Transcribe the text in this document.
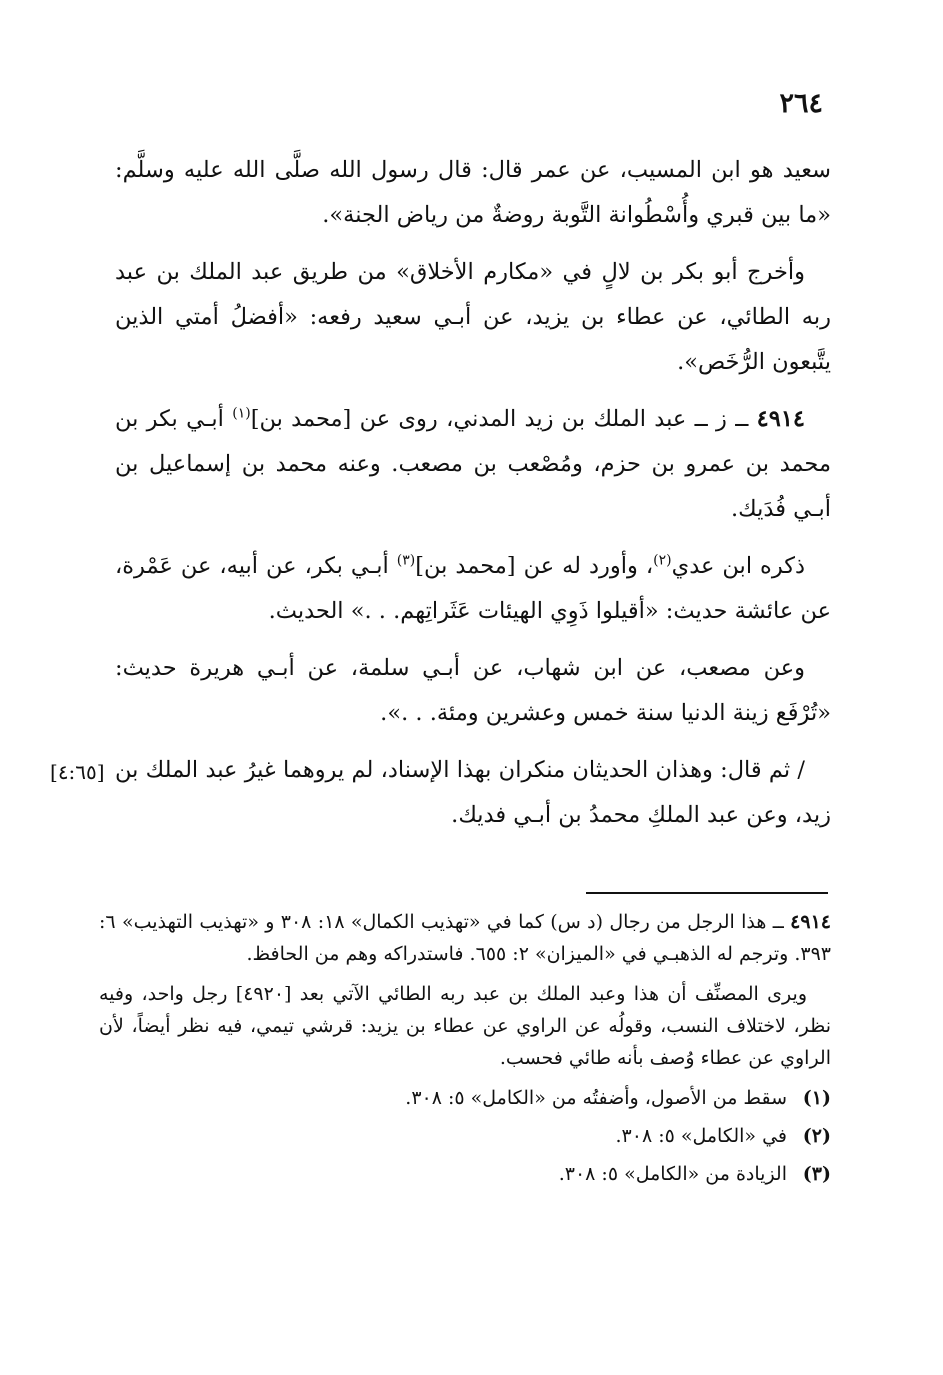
٢٦٤

سعيد هو ابن المسيب، عن عمر قال: قال رسول الله صلَّى الله عليه وسلَّم: «ما بين قبري وأُسْطُوانة التَّوبة روضةٌ من رياض الجنة».

وأخرج أبو بكر بن لالٍ في «مكارم الأخلاق» من طريق عبد الملك بن عبد ربه الطائي، عن عطاء بن يزيد، عن أبـي سعيد رفعه: «أفضلُ أمتي الذين يتَّبعون الرُّخَص».

٤٩١٤ ــ ز ــ عبد الملك بن زيد المدني، روى عن [محمد بن]$^{(١)}$ أبـي بكر بن محمد بن عمرو بن حزم، ومُصْعب بن مصعب. وعنه محمد بن إسماعيل بن أبـي فُدَيك.

ذكره ابن عدي$^{(٢)}$، وأورد له عن [محمد بن]$^{(٣)}$ أبـي بكر، عن أبيه، عن عَمْرة، عن عائشة حديث: «أقيلوا ذَوِي الهيئات عَثَراتِهم. . .» الحديث.

وعن مصعب، عن ابن شهاب، عن أبـي سلمة، عن أبـي هريرة حديث: «تُرْفَع زينة الدنيا سنة خمس وعشرين ومئة. . .».

/ ثم قال: وهذان الحديثان منكران بهذا الإسناد، لم يروهما غيرُ عبد الملك بن زيد، وعن عبد الملكِ محمدُ بن أبـي فديك.

[٤:٦٥]

٤٩١٤ ــ هذا الرجل من رجال (د س) كما في «تهذيب الكمال» ١٨: ٣٠٨ و «تهذيب التهذيب» ٦: ٣٩٣. وترجم له الذهبـي في «الميزان» ٢: ٦٥٥. فاستدراكه وهم من الحافظ.

ويرى المصنِّف أن هذا وعبد الملك بن عبد ربه الطائي الآتي بعد [٤٩٢٠] رجل واحد، وفيه نظر، لاختلاف النسب، وقولُه عن الراوي عن عطاء بن يزيد: قرشي تيمي، فيه نظر أيضاً، لأن الراوي عن عطاء وُصف بأنه طائي فحسب.

(١)
سقط من الأصول، وأضفتُه من «الكامل» ٥: ٣٠٨.
(٢)
في «الكامل» ٥: ٣٠٨.
(٣)
الزيادة من «الكامل» ٥: ٣٠٨.
